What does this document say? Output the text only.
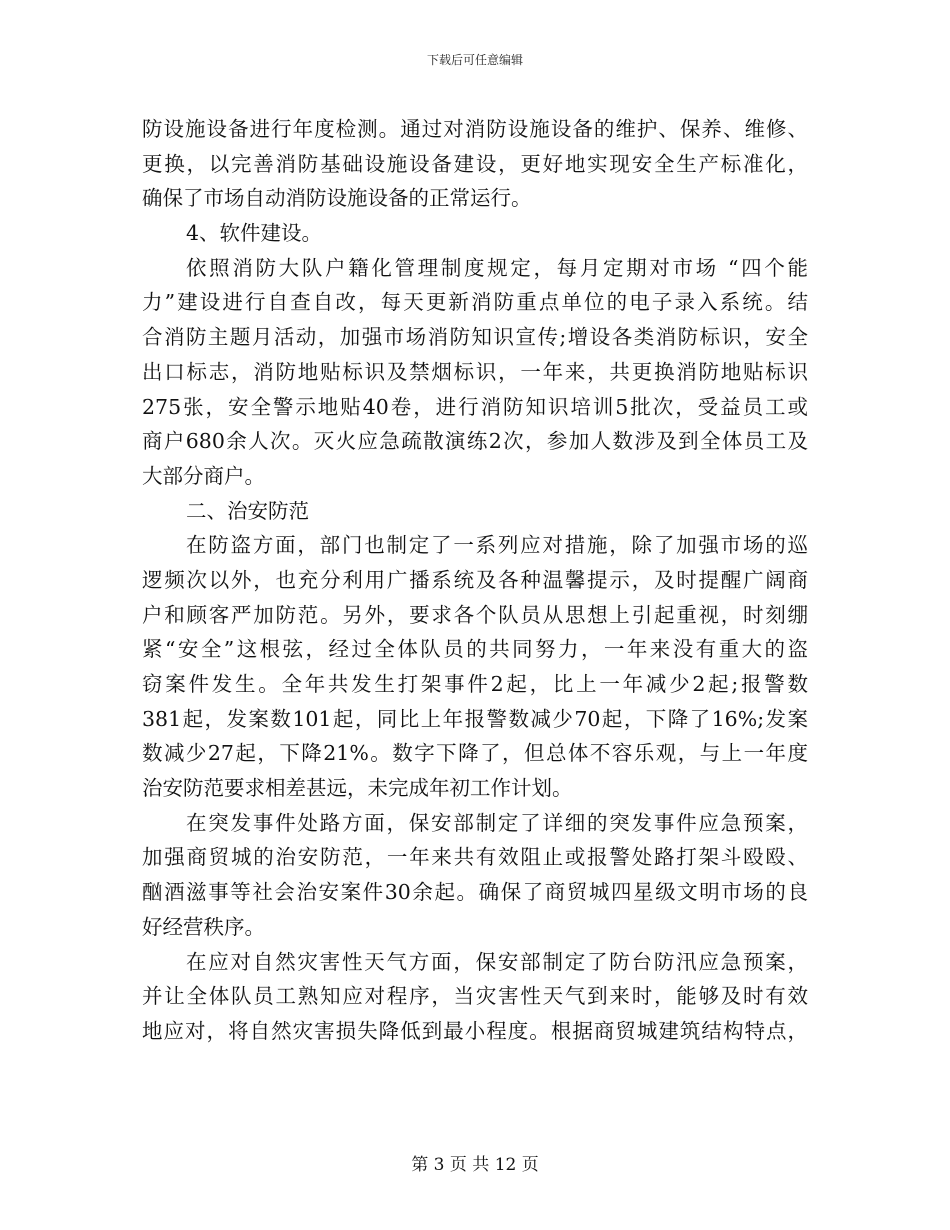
下载后可任意编辑
防设施设备进行年度检测。通过对消防设施设备的维护、保养、维修、
更换，以完善消防基础设施设备建设，更好地实现安全生产标准化，
确保了市场自动消防设施设备的正常运行。
4、软件建设。
依照消防大队户籍化管理制度规定，每月定期对市场 “四个能
力”建设进行自查自改，每天更新消防重点单位的电子录入系统。结
合消防主题月活动，加强市场消防知识宣传;增设各类消防标识，安全
出口标志，消防地贴标识及禁烟标识，一年来，共更换消防地贴标识
275张，安全警示地贴40卷，进行消防知识培训5批次，受益员工或
商户680余人次。灭火应急疏散演练2次，参加人数涉及到全体员工及
大部分商户。
二、治安防范
在防盗方面，部门也制定了一系列应对措施，除了加强市场的巡
逻频次以外，也充分利用广播系统及各种温馨提示，及时提醒广阔商
户和顾客严加防范。另外，要求各个队员从思想上引起重视，时刻绷
紧“安全”这根弦，经过全体队员的共同努力，一年来没有重大的盗
窃案件发生。全年共发生打架事件2起，比上一年减少2起;报警数
381起，发案数101起，同比上年报警数减少70起，下降了16%;发案
数减少27起，下降21%。数字下降了，但总体不容乐观，与上一年度
治安防范要求相差甚远，未完成年初工作计划。
在突发事件处路方面，保安部制定了详细的突发事件应急预案，
加强商贸城的治安防范，一年来共有效阻止或报警处路打架斗殴殴、
酗酒滋事等社会治安案件30余起。确保了商贸城四星级文明市场的良
好经营秩序。
在应对自然灾害性天气方面，保安部制定了防台防汛应急预案，
并让全体队员工熟知应对程序，当灾害性天气到来时，能够及时有效
地应对，将自然灾害损失降低到最小程度。根据商贸城建筑结构特点，
第 3 页 共 12 页
